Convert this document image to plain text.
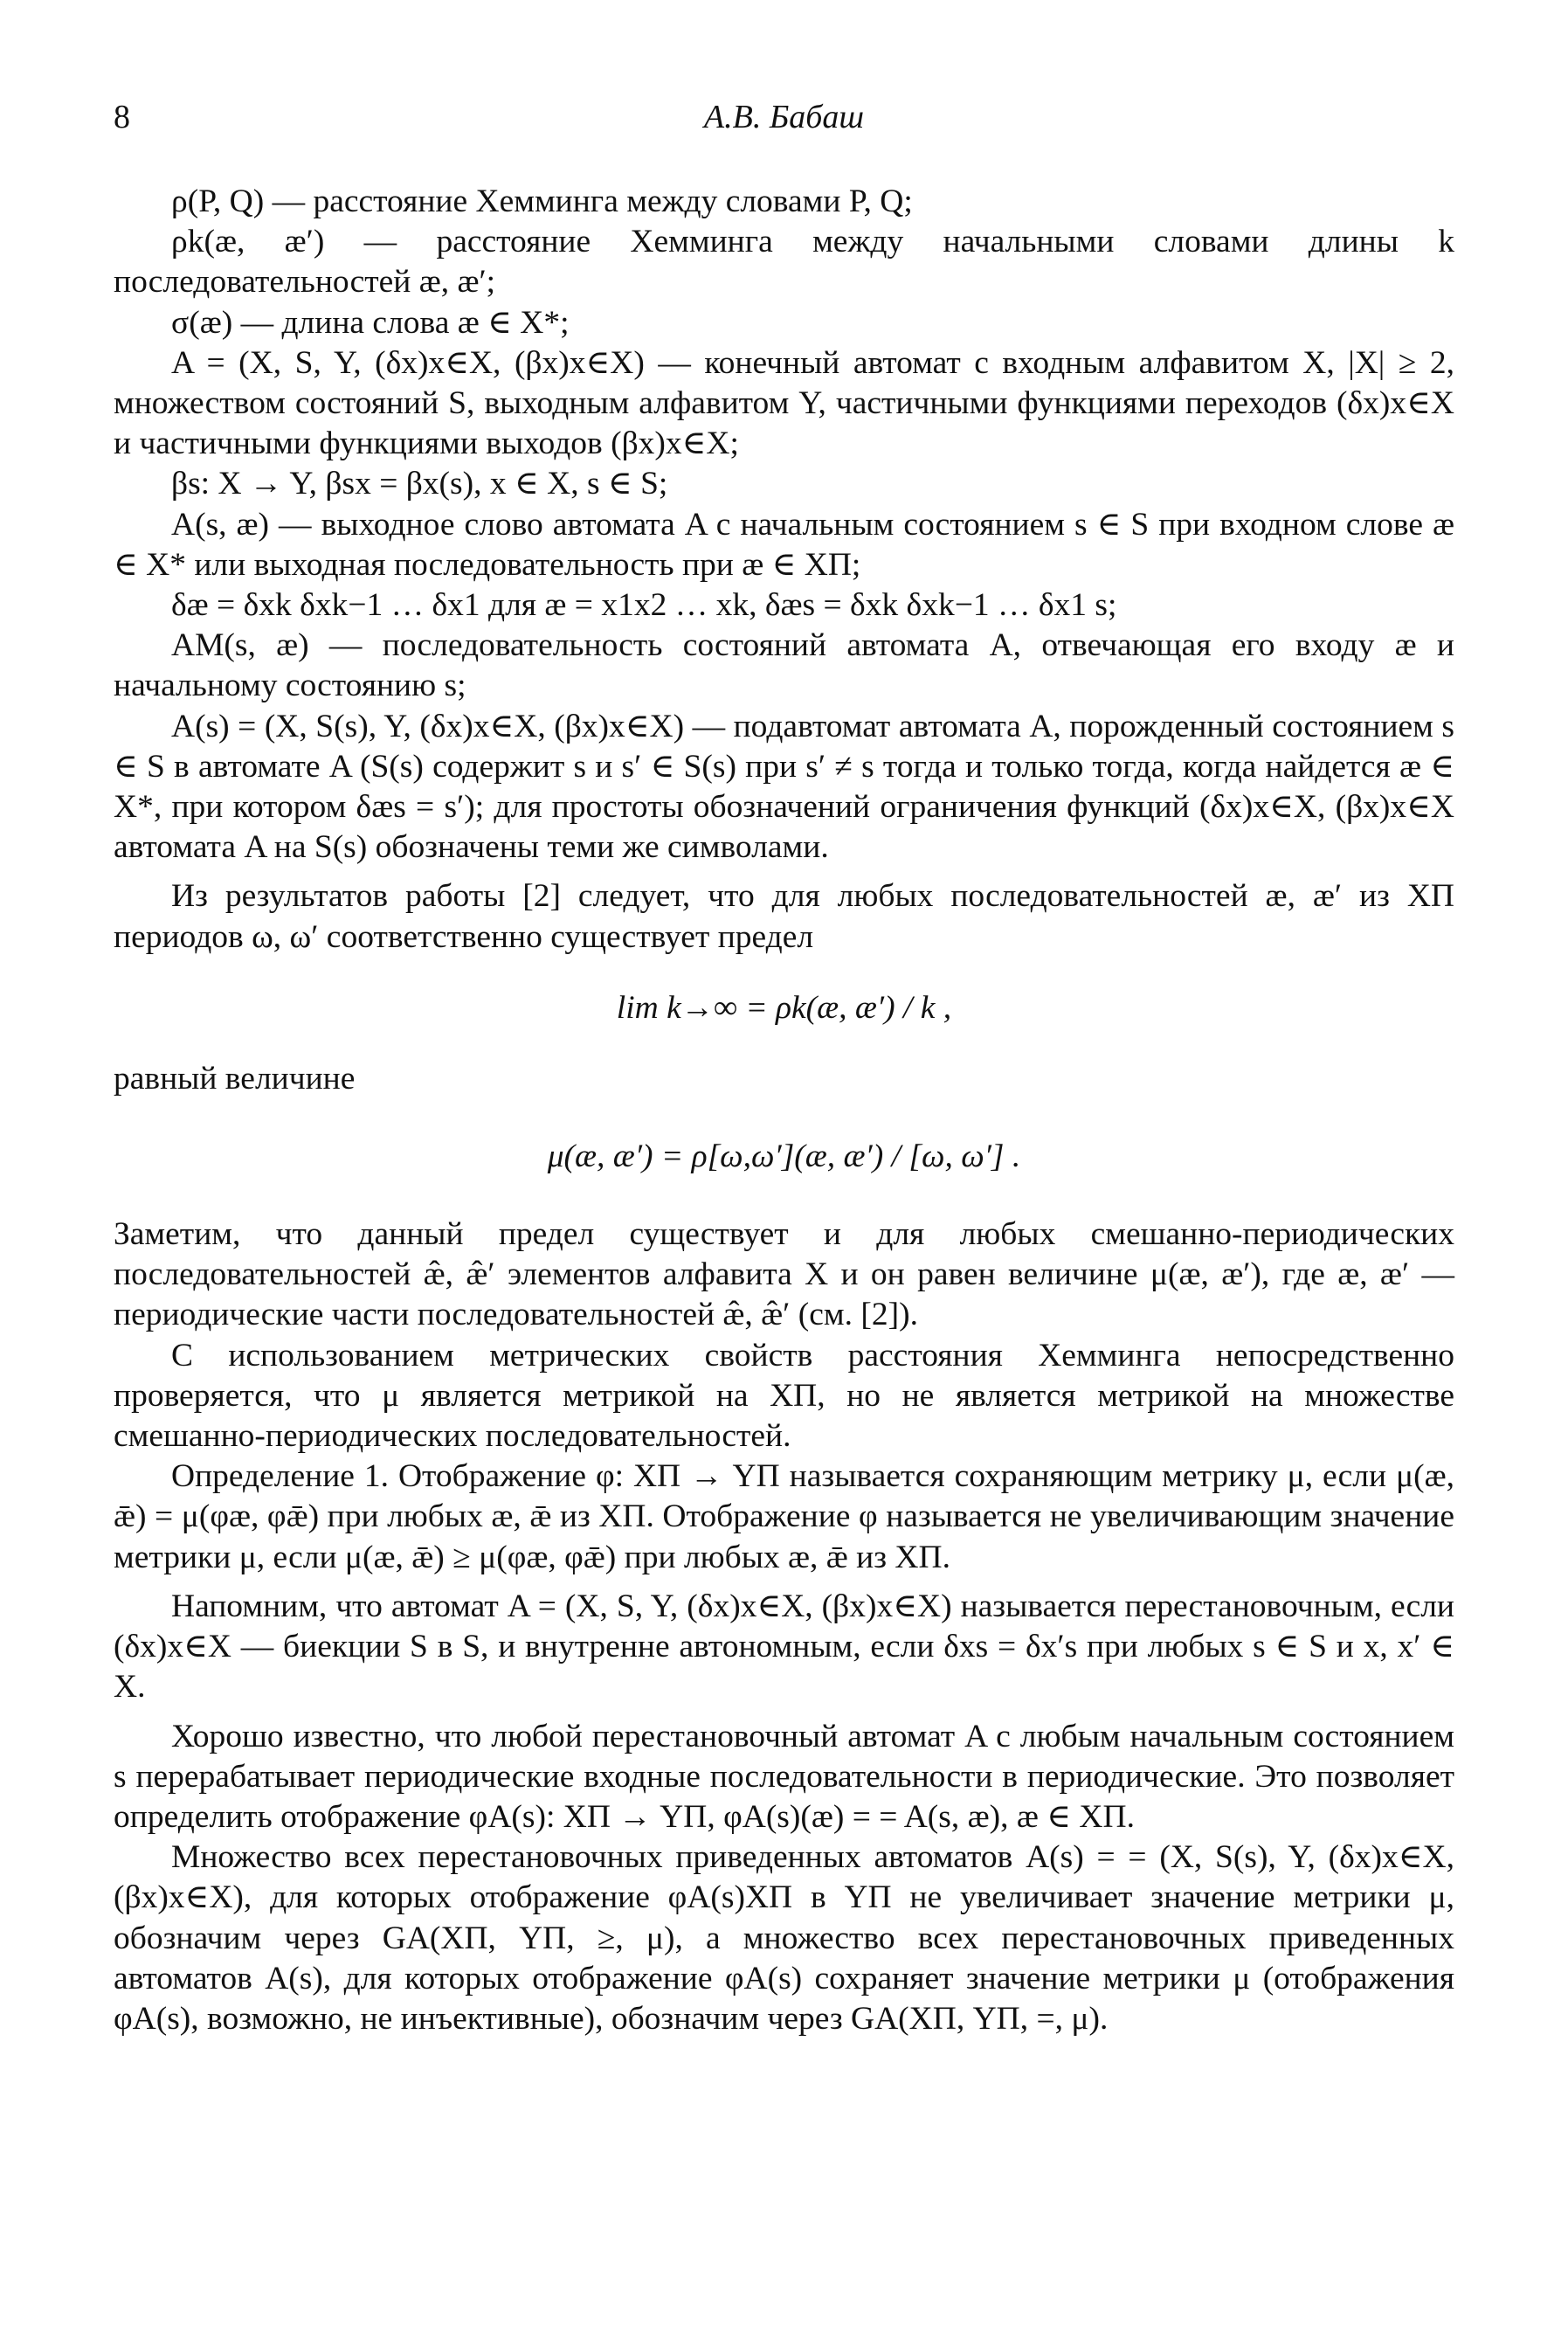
8	А.В. Бабаш

ρ(P, Q) — расстояние Хемминга между словами P, Q;

ρk(æ, æ′) — расстояние Хемминга между начальными словами длины k последовательностей æ, æ′;

σ(æ) — длина слова æ ∈ X*;

A = (X, S, Y, (δx)x∈X, (βx)x∈X) — конечный автомат с входным алфавитом X, |X| ≥ 2, множеством состояний S, выходным алфавитом Y, частичными функциями переходов (δx)x∈X и частичными функциями выходов (βx)x∈X;

βs: X → Y, βsx = βx(s), x ∈ X, s ∈ S;

A(s, æ) — выходное слово автомата A с начальным состоянием s ∈ S при входном слове æ ∈ X* или выходная последовательность при æ ∈ XΠ;

δæ = δxk δxk−1 … δx1 для æ = x1x2 … xk, δæs = δxk δxk−1 … δx1 s;

AM(s, æ) — последовательность состояний автомата A, отвечающая его входу æ и начальному состоянию s;

A(s) = (X, S(s), Y, (δx)x∈X, (βx)x∈X) — подавтомат автомата A, порожденный состоянием s ∈ S в автомате A (S(s) содержит s и s′ ∈ S(s) при s′ ≠ s тогда и только тогда, когда найдется æ ∈ X*, при котором δæs = s′); для простоты обозначений ограничения функций (δx)x∈X, (βx)x∈X автомата A на S(s) обозначены теми же символами.

Из результатов работы [2] следует, что для любых последовательностей æ, æ′ из XΠ периодов ω, ω′ соответственно существует предел

lim k→∞ = ρk(æ, æ′) / k ,

равный величине

μ(æ, æ′) = ρ[ω,ω′](æ, æ′) / [ω, ω′] .

Заметим, что данный предел существует и для любых смешанно-периодических последовательностей æ̂, æ̂′ элементов алфавита X и он равен величине μ(æ, æ′), где æ, æ′ — периодические части последовательностей æ̂, æ̂′ (см. [2]).

С использованием метрических свойств расстояния Хемминга непосредственно проверяется, что μ является метрикой на XΠ, но не является метрикой на множестве смешанно-периодических последовательностей.

Определение 1. Отображение φ: XΠ → YΠ называется сохраняющим метрику μ, если μ(æ, ǣ) = μ(φæ, φǣ) при любых æ, ǣ из XΠ. Отображение φ называется не увеличивающим значение метрики μ, если μ(æ, ǣ) ≥ μ(φæ, φǣ) при любых æ, ǣ из XΠ.

Напомним, что автомат A = (X, S, Y, (δx)x∈X, (βx)x∈X) называется перестановочным, если (δx)x∈X — биекции S в S, и внутренне автономным, если δxs = δx′s при любых s ∈ S и x, x′ ∈ X.

Хорошо известно, что любой перестановочный автомат A с любым начальным состоянием s перерабатывает периодические входные последовательности в периодические. Это позволяет определить отображение φA(s): XΠ → YΠ, φA(s)(æ) = = A(s, æ), æ ∈ XΠ.

Множество всех перестановочных приведенных автоматов A(s) = = (X, S(s), Y, (δx)x∈X, (βx)x∈X), для которых отображение φA(s)XΠ в YΠ не увеличивает значение метрики μ, обозначим через GA(XΠ, YΠ, ≥, μ), а множество всех перестановочных приведенных автоматов A(s), для которых отображение φA(s) сохраняет значение метрики μ (отображения φA(s), возможно, не инъективные), обозначим через GA(XΠ, YΠ, =, μ).
